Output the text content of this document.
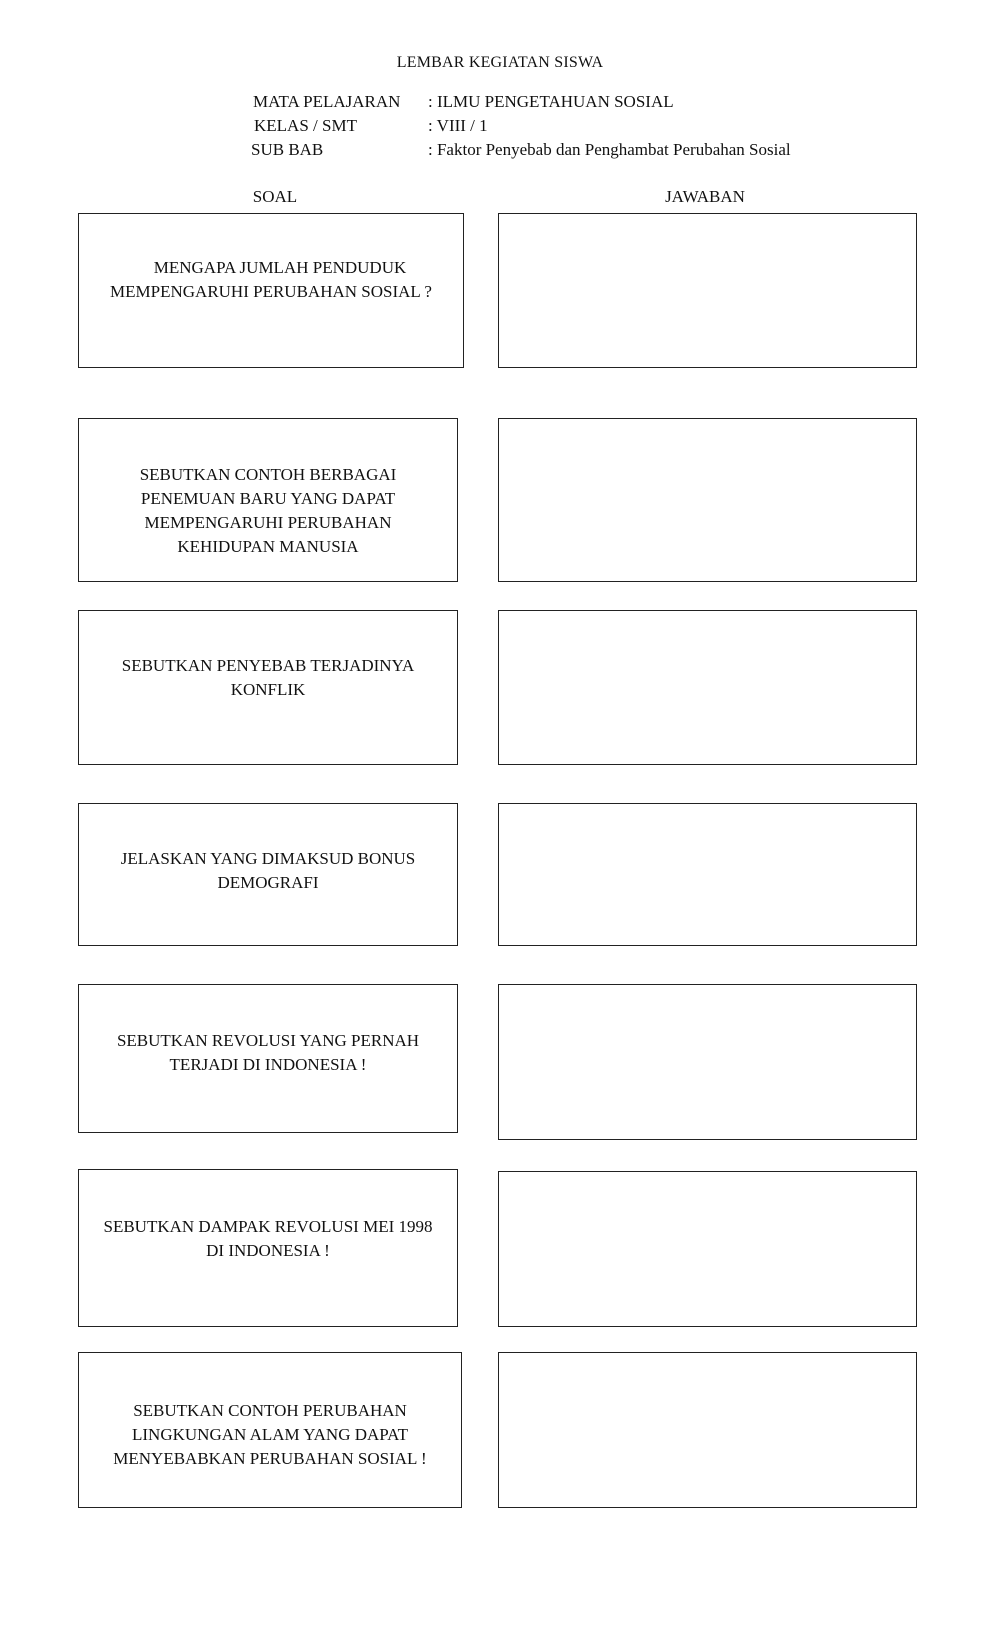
LEMBAR KEGIATAN SISWA
MATA PELAJARAN : ILMU PENGETAHUAN SOSIAL
KELAS / SMT	: VIII / 1
SUB BAB	: Faktor Penyebab dan Penghambat Perubahan Sosial
SOAL	JAWABAN
MENGAPA JUMLAH PENDUDUK
MEMPENGARUHI PERUBAHAN SOSIAL ?
SEBUTKAN CONTOH BERBAGAI
PENEMUAN BARU YANG DAPAT
MEMPENGARUHI PERUBAHAN
KEHIDUPAN MANUSIA
SEBUTKAN PENYEBAB TERJADINYA
KONFLIK
JELASKAN YANG DIMAKSUD BONUS
DEMOGRAFI
SEBUTKAN REVOLUSI YANG PERNAH
TERJADI DI INDONESIA !
SEBUTKAN DAMPAK REVOLUSI MEI 1998
DI INDONESIA !
SEBUTKAN CONTOH PERUBAHAN
LINGKUNGAN ALAM YANG DAPAT
MENYEBABKAN PERUBAHAN SOSIAL !
